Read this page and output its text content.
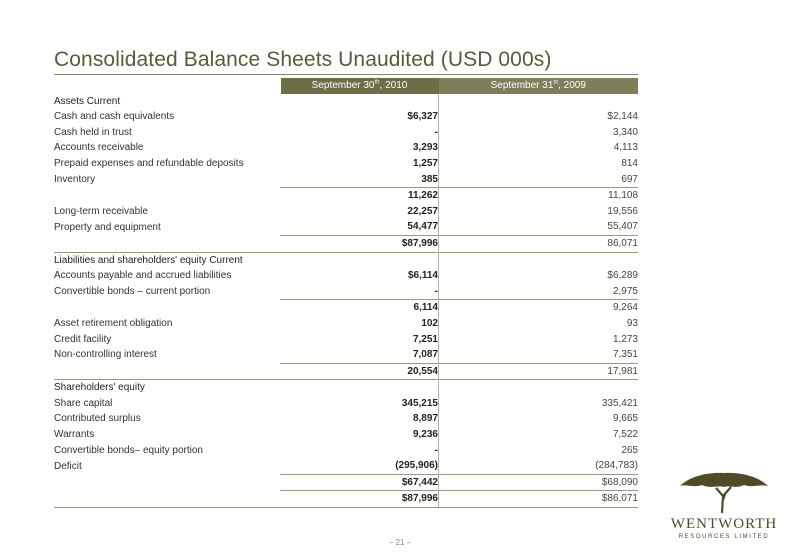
Consolidated Balance Sheets Unaudited (USD 000s)
	September 30th, 2010	September 31st, 2009
Assets Current		
Cash and cash equivalents	$6,327	$2,144
Cash held in trust	-	3,340
Accounts receivable	3,293	4,113
Prepaid expenses and refundable deposits	1,257	814
Inventory	385	697
	11,262	11,108
Long-term receivable	22,257	19,556
Property and equipment	54,477	55,407
	$87,996	86,071
Liabilities and shareholders' equity Current		
Accounts payable and accrued liabilities	$6,114	$6,289
Convertible bonds – current portion	-	2,975
	6,114	9,264
Asset retirement obligation	102	93
Credit facility	7,251	1,273
Non-controlling interest	7,087	7,351
	20,554	17,981
Shareholders' equity		
Share capital	345,215	335,421
Contributed surplus	8,897	9,665
Warrants	9,236	7,522
Convertible bonds– equity portion	-	265
Deficit	(295,906)	(284,783)
	$67,442	$68,090
	$87,996	$86,071
– 21 –
WENTWORTH
RESOURCES LIMITED
